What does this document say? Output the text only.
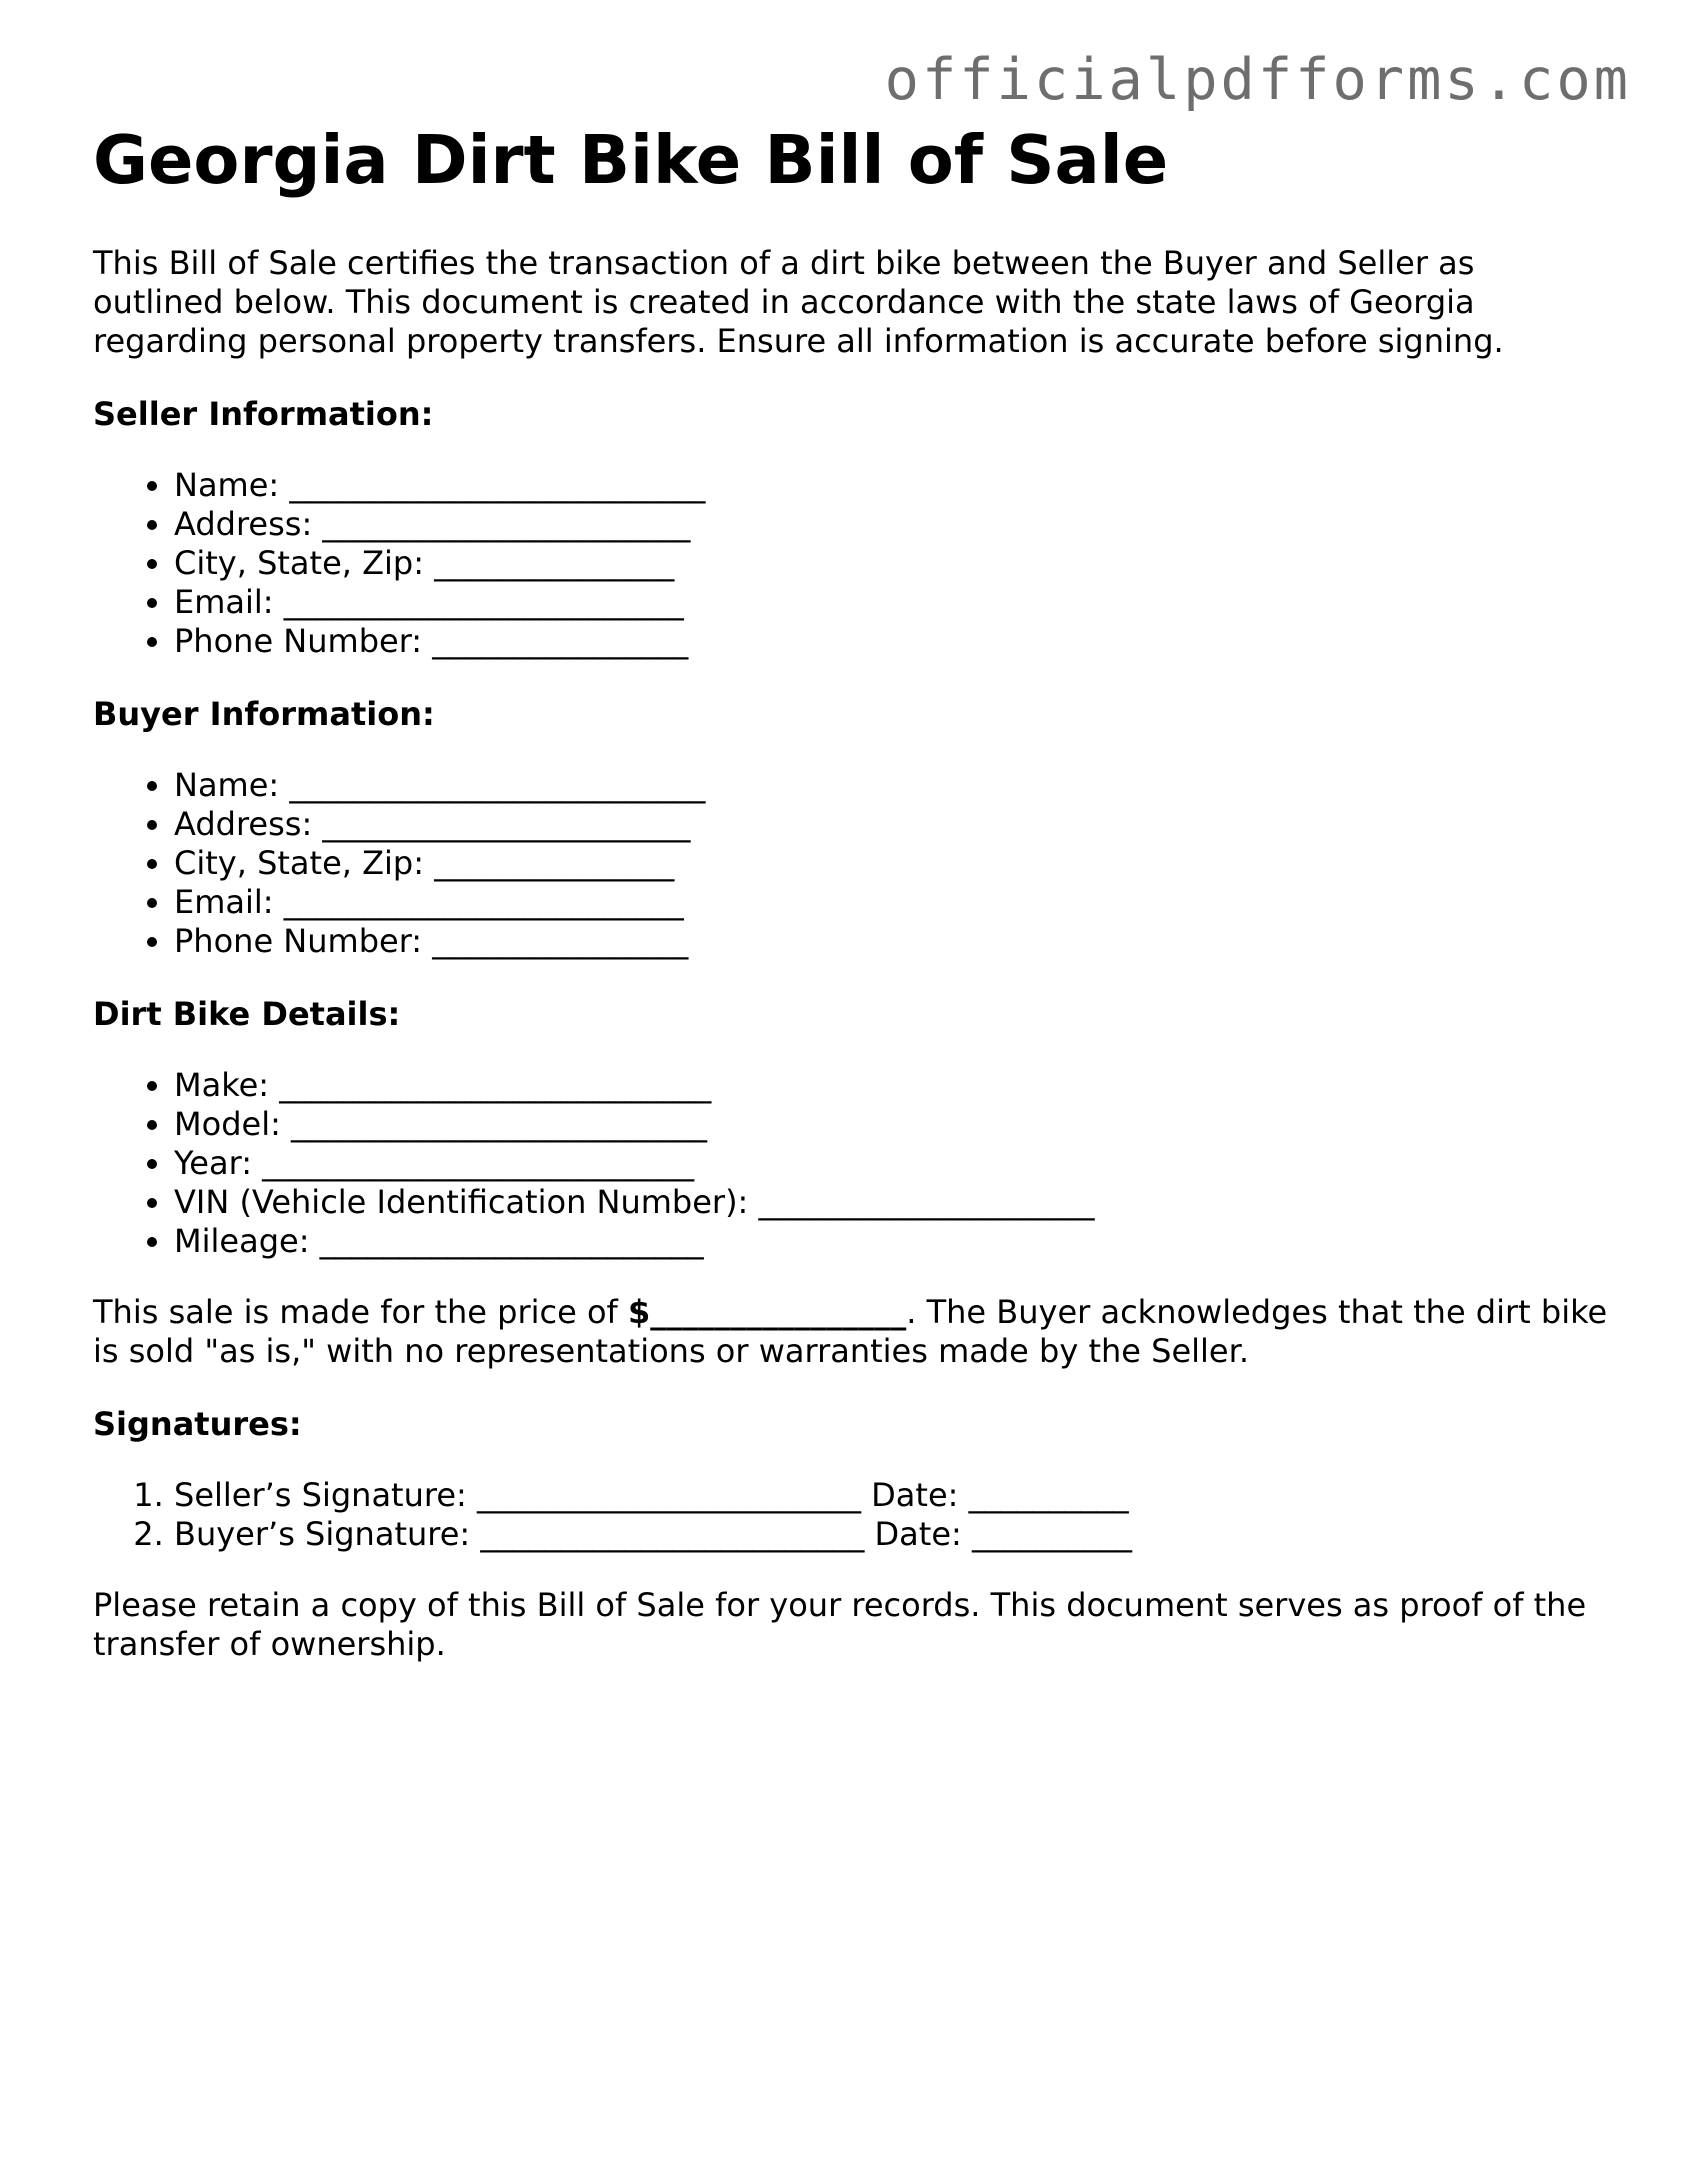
officialpdfforms.com
Georgia Dirt Bike Bill of Sale

This Bill of Sale certifies the transaction of a dirt bike between the Buyer and Seller as outlined below. This document is created in accordance with the state laws of Georgia regarding personal property transfers. Ensure all information is accurate before signing.

Seller Information:
• Name: __________________________
• Address: _______________________
• City, State, Zip: _______________
• Email: _________________________
• Phone Number: ________________
Buyer Information:
• Name: __________________________
• Address: _______________________
• City, State, Zip: _______________
• Email: _________________________
• Phone Number: ________________
Dirt Bike Details:
• Make: ___________________________
• Model: __________________________
• Year: ___________________________
• VIN (Vehicle Identification Number): _____________________
• Mileage: ________________________

This sale is made for the price of $________________. The Buyer acknowledges that the dirt bike is sold "as is," with no representations or warranties made by the Seller.

Signatures:
1. Seller’s Signature: ________________________ Date: __________
2. Buyer’s Signature: ________________________ Date: __________

Please retain a copy of this Bill of Sale for your records. This document serves as proof of the transfer of ownership.
